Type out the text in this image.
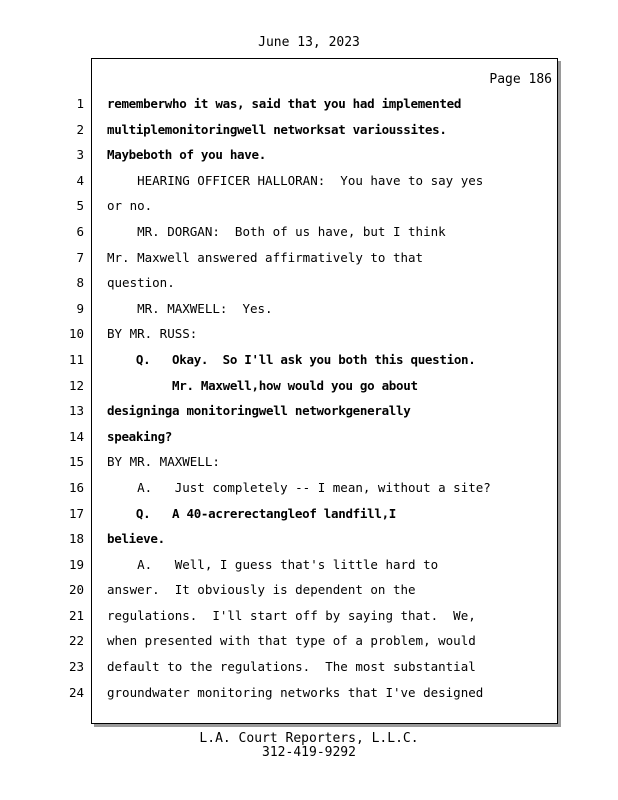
June 13, 2023
Page 186
1
2
3
4
5
6
7
8
9
10
11
12
13
14
15
16
17
18
19
20
21
22
23
24
rememberwho it was, said that you had implemented
multiplemonitoringwell networksat varioussites.
Maybeboth of you have.
HEARING OFFICER HALLORAN:  You have to say yes
or no.
MR. DORGAN:  Both of us have, but I think
Mr. Maxwell answered affirmatively to that
question.
MR. MAXWELL:  Yes.
BY MR. RUSS:
Q.   Okay.  So I'll ask you both this question.
Mr. Maxwell,how would you go about
designinga monitoringwell networkgenerally
speaking?
BY MR. MAXWELL:
A.   Just completely -- I mean, without a site?
Q.   A 40-acrerectangleof landfill,I
believe.
A.   Well, I guess that's little hard to
answer.  It obviously is dependent on the
regulations.  I'll start off by saying that.  We,
when presented with that type of a problem, would
default to the regulations.  The most substantial
groundwater monitoring networks that I've designed
L.A. Court Reporters, L.L.C.
312-419-9292
